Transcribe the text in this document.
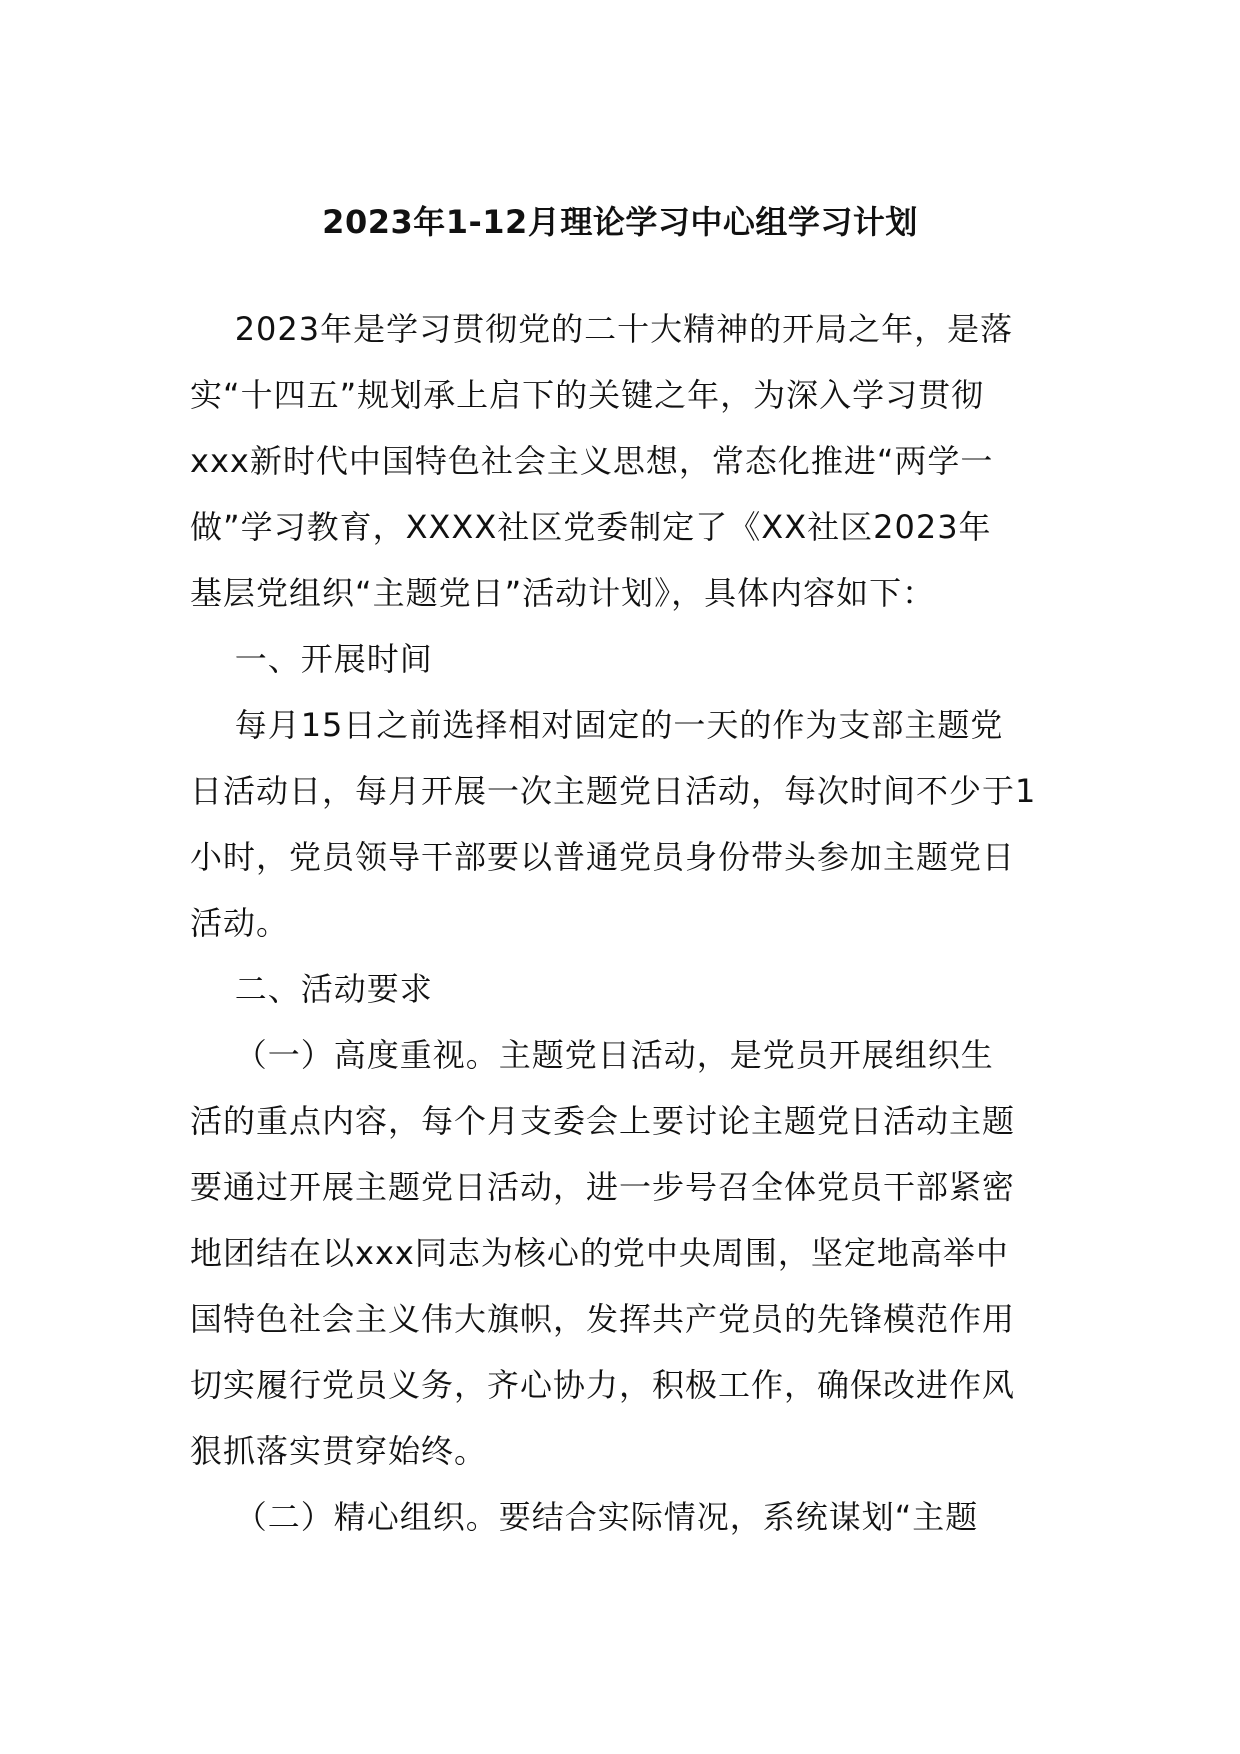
2023年1-12月理论学习中心组学习计划
2023年是学习贯彻党的二十大精神的开局之年，是落
实“十四五”规划承上启下的关键之年，为深入学习贯彻
xxx新时代中国特色社会主义思想，常态化推进“两学一
做”学习教育，XXXX社区党委制定了《XX社区2023年
基层党组织“主题党日”活动计划》，具体内容如下：
一、开展时间
每月15日之前选择相对固定的一天的作为支部主题党
日活动日，每月开展一次主题党日活动，每次时间不少于1
小时，党员领导干部要以普通党员身份带头参加主题党日
活动。
二、活动要求
（一）高度重视。主题党日活动，是党员开展组织生
活的重点内容，每个月支委会上要讨论主题党日活动主题
要通过开展主题党日活动，进一步号召全体党员干部紧密
地团结在以xxx同志为核心的党中央周围，坚定地高举中
国特色社会主义伟大旗帜，发挥共产党员的先锋模范作用
切实履行党员义务，齐心协力，积极工作，确保改进作风
狠抓落实贯穿始终。
（二）精心组织。要结合实际情况，系统谋划“主题
